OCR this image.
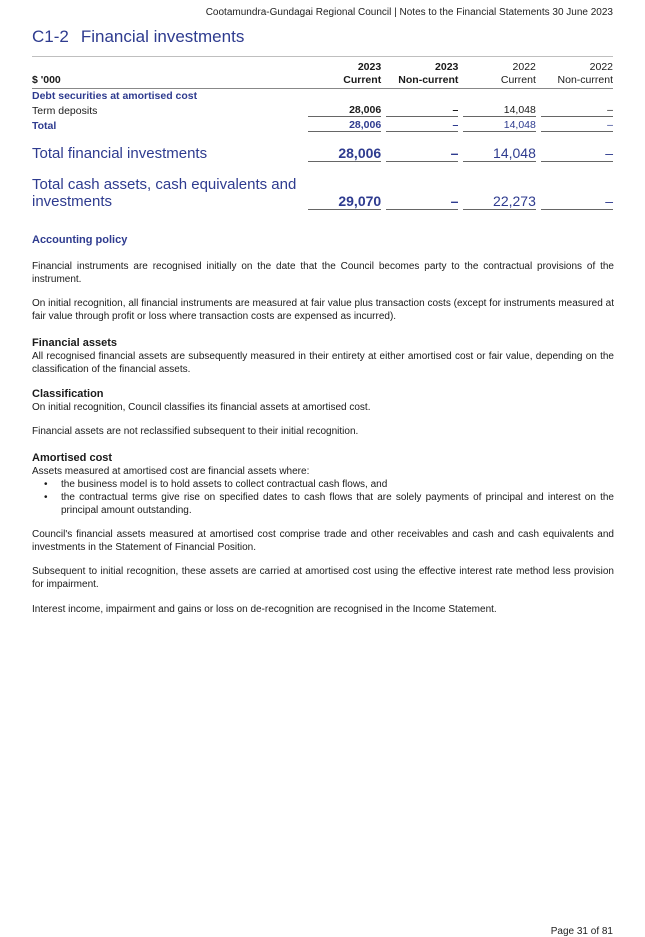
Cootamundra-Gundagai Regional Council | Notes to the Financial Statements 30 June 2023
C1-2 Financial investments
	2023		2023		2022		2022
$ '000	Current		Non-current		Current		Non-current
Debt securities at amortised cost							
Term deposits	28,006		–		14,048		–
Total	28,006		–		14,048		–
Total financial investments	28,006		–		14,048		–
Total cash assets, cash equivalents and
investments	29,070		–		22,273		–
Accounting policy
Financial instruments are recognised initially on the date that the Council becomes party to the contractual provisions of the instrument.
On initial recognition, all financial instruments are measured at fair value plus transaction costs (except for instruments measured at fair value through profit or loss where transaction costs are expensed as incurred).
Financial assets
All recognised financial assets are subsequently measured in their entirety at either amortised cost or fair value, depending on the classification of the financial assets.
Classification
On initial recognition, Council classifies its financial assets at amortised cost.
Financial assets are not reclassified subsequent to their initial recognition.
Amortised cost
Assets measured at amortised cost are financial assets where:
• the business model is to hold assets to collect contractual cash flows, and
• the contractual terms give rise on specified dates to cash flows that are solely payments of principal and interest on the principal amount outstanding.
Council's financial assets measured at amortised cost comprise trade and other receivables and cash and cash equivalents and investments in the Statement of Financial Position.
Subsequent to initial recognition, these assets are carried at amortised cost using the effective interest rate method less provision for impairment.
Interest income, impairment and gains or loss on de-recognition are recognised in the Income Statement.
Page 31 of 81
